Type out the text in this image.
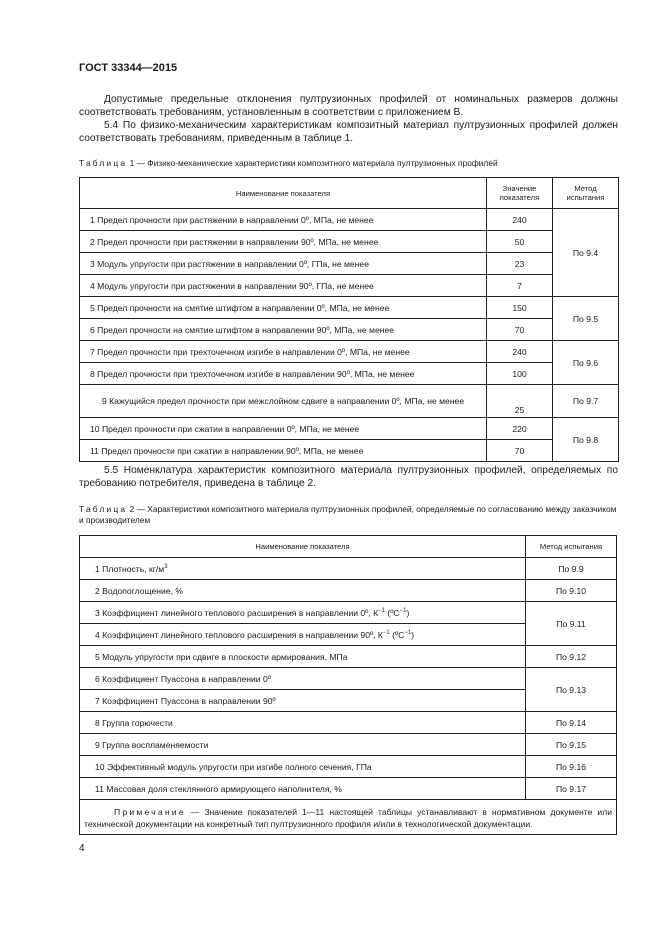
ГОСТ 33344—2015
Допустимые предельные отклонения пултрузионных профилей от номинальных размеров должны соответствовать требованиям, установленным в соответствии с приложением В.
5.4 По физико-механическим характеристикам композитный материал пултрузионных профилей должен соответствовать требованиям, приведенным в таблице 1.
Таблица 1 — Физико-механические характеристики композитного материала пултрузионных профилей
Наименование показателя	Значение показателя	Метод испытания
1 Предел прочности при растяжении в направлении 0º, МПа, не менее	240	По 9.4
2 Предел прочности при растяжении в направлении 90º, МПа, не менее	50	
3 Модуль упругости при растяжении в направлении 0º, ГПа, не менее	23	
4 Модуль упругости при растяжении в направлении 90º, ГПа, не менее	7	
5 Предел прочности на смятие штифтом в направлении 0º, МПа, не менее	150	По 9.5
6 Предел прочности на смятие штифтом в направлении 90º, МПа, не менее	70	
7 Предел прочности при трехточечном изгибе в направлении 0º, МПа, не менее	240	По 9.6
8 Предел прочности при трехточечном изгибе в направлении 90º, МПа, не менее	100	
9 Кажущийся предел прочности при межслойном сдвиге в направлении 0º, МПа, не менее	25	По 9.7
10 Предел прочности при сжатии в направлении 0º, МПа, не менее	220	По 9.8
11 Предел прочности при сжатии в направлении 90º, МПа, не менее	70	
5.5 Номенклатура характеристик композитного материала пултрузионных профилей, определяемых по требованию потребителя, приведена в таблице 2.
Таблица 2 — Характеристики композитного материала пултрузионных профилей, определяемые по согласованию между заказчиком и производителем
Наименование показателя	Метод испытания
1 Плотность, $кг/м^3$	По 9.9
2 Водопоглощение, %	По 9.10
3 Коэффициент линейного теплового расширения в направлении 0º, $К^{-1}$ (ºС$^{-1}$)	По 9.11
4 Коэффициент линейного теплового расширения в направлении 90º, $К^{-1}$ (ºС$^{-1}$)	
5 Модуль упругости при сдвиге в плоскости армирования, МПа	По 9.12
6 Коэффициент Пуассона в направлении 0º	По 9.13
7 Коэффициент Пуассона в направлении 90º	
8 Группа горючести	По 9.14
9 Группа воспламеняемости	По 9.15
10 Эффективный модуль упругости при изгибе полного сечения, ГПа	По 9.16
11 Массовая доля стеклянного армирующего наполнителя, %	По 9.17
Примечание — Значение показателей 1—11 настоящей таблицы устанавливают в нормативном документе или технической документации на конкретный тип пултрузионного профиля и/или в технологической документации.	
4
